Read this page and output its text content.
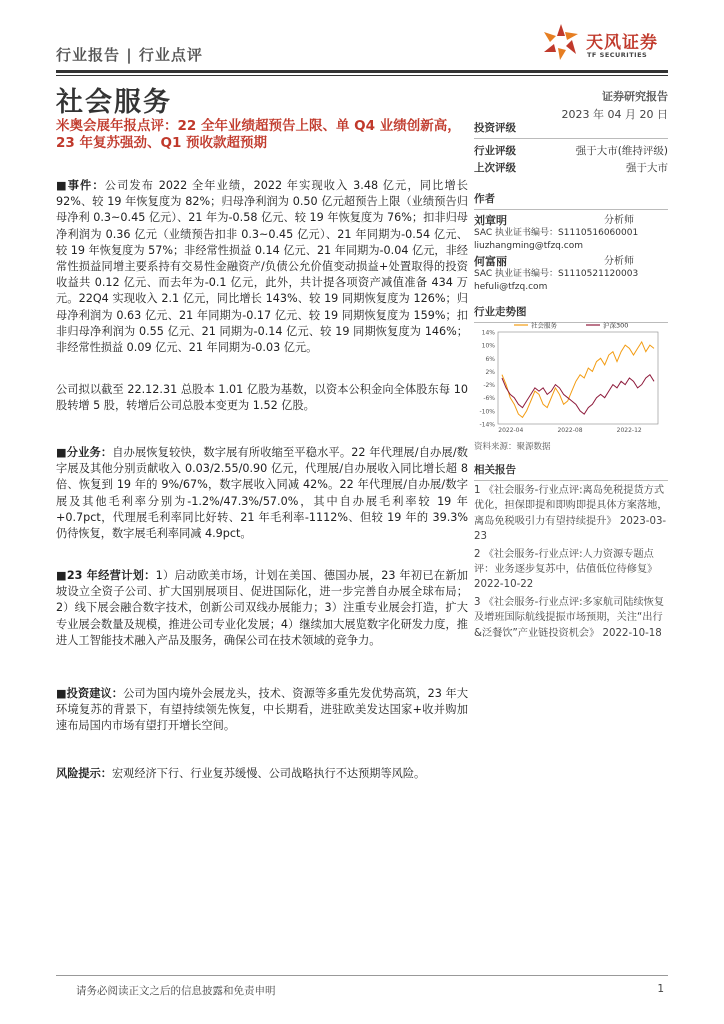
行业报告 | 行业点评
天风证券
TF SECURITIES
社会服务	证券研究报告
2023 年 04 月 20 日
米奥会展年报点评：22 全年业绩超预告上限、单 Q4 业绩创新高，23 年复苏强劲、Q1 预收款超预期

■事件：公司发布 2022 全年业绩，2022 年实现收入 3.48 亿元，同比增长 92%、较 19 年恢复度为 82%；归母净利润为 0.50 亿元超预告上限（业绩预告归母净利 0.3~0.45 亿元）、21 年为-0.58 亿元、较 19 年恢复度为 76%；扣非归母净利润为 0.36 亿元（业绩预告扣非 0.3~0.45 亿元）、21 年同期为-0.54 亿元、较 19 年恢复度为 57%；非经常性损益 0.14 亿元、21 年同期为-0.04 亿元，非经常性损益同增主要系持有交易性金融资产/负债公允价值变动损益+处置取得的投资收益共 0.12 亿元、而去年为-0.1 亿元，此外，共计提各项资产减值准备 434 万元。22Q4 实现收入 2.1 亿元，同比增长 143%、较 19 同期恢复度为 126%；归母净利润为 0.63 亿元、21 年同期为-0.17 亿元、较 19 同期恢复度为 159%；扣非归母净利润为 0.55 亿元、21 同期为-0.14 亿元、较 19 同期恢复度为 146%；非经常性损益 0.09 亿元、21 年同期为-0.03 亿元。

公司拟以截至 22.12.31 总股本 1.01 亿股为基数，以资本公积金向全体股东每 10 股转增 5 股，转增后公司总股本变更为 1.52 亿股。

■分业务：自办展恢复较快，数字展有所收缩至平稳水平。22 年代理展/自办展/数字展及其他分别贡献收入 0.03/2.55/0.90 亿元，代理展/自办展收入同比增长超 8 倍、恢复到 19 年的 9%/67%，数字展收入同减 42%。22 年代理展/自办展/数字展及其他毛利率分别为-1.2%/47.3%/57.0%，其中自办展毛利率较 19 年+0.7pct，代理展毛利率同比好转、21 年毛利率-1112%、但较 19 年的 39.3%仍待恢复，数字展毛利率同减 4.9pct。

■23 年经营计划：1）启动欧美市场，计划在美国、德国办展，23 年初已在新加坡设立全资子公司、扩大国别展项目、促进国际化，进一步完善自办展全球布局；2）线下展会融合数字技术，创新公司双线办展能力；3）注重专业展会打造，扩大专业展会数量及规模，推进公司专业化发展；4）继续加大展览数字化研发力度，推进人工智能技术融入产品及服务，确保公司在技术领域的竞争力。

■投资建议：公司为国内境外会展龙头，技术、资源等多重先发优势高筑，23 年大环境复苏的背景下，有望持续领先恢复，中长期看，进驻欧美发达国家+收并购加速布局国内市场有望打开增长空间。

风险提示：宏观经济下行、行业复苏缓慢、公司战略执行不达预期等风险。

投资评级
行业评级	强于大市(维持评级)
上次评级	强于大市
作者
刘章明	分析师
SAC 执业证书编号：S1110516060001
liuzhangming@tfzq.com
何富丽	分析师
SAC 执业证书编号：S1110521120003
hefuli@tfzq.com
行业走势图
14%
10%
6%
2%
-2%
-6%
-10%
-14%
2022-04	2022-08	2022-12
社会服务	沪深300
资料来源：聚源数据
相关报告
1 《社会服务-行业点评:离岛免税提货方式优化，担保即提和即购即提具体方案落地，离岛免税吸引力有望持续提升》 2023-03-23
2 《社会服务-行业点评:人力资源专题点评：业务逐步复苏中，估值低位待修复》 2022-10-22
3 《社会服务-行业点评:多家航司陆续恢复及增班国际航线提振市场预期，关注“出行&泛餐饮”产业链投资机会》 2022-10-18
请务必阅读正文之后的信息披露和免责申明	1
